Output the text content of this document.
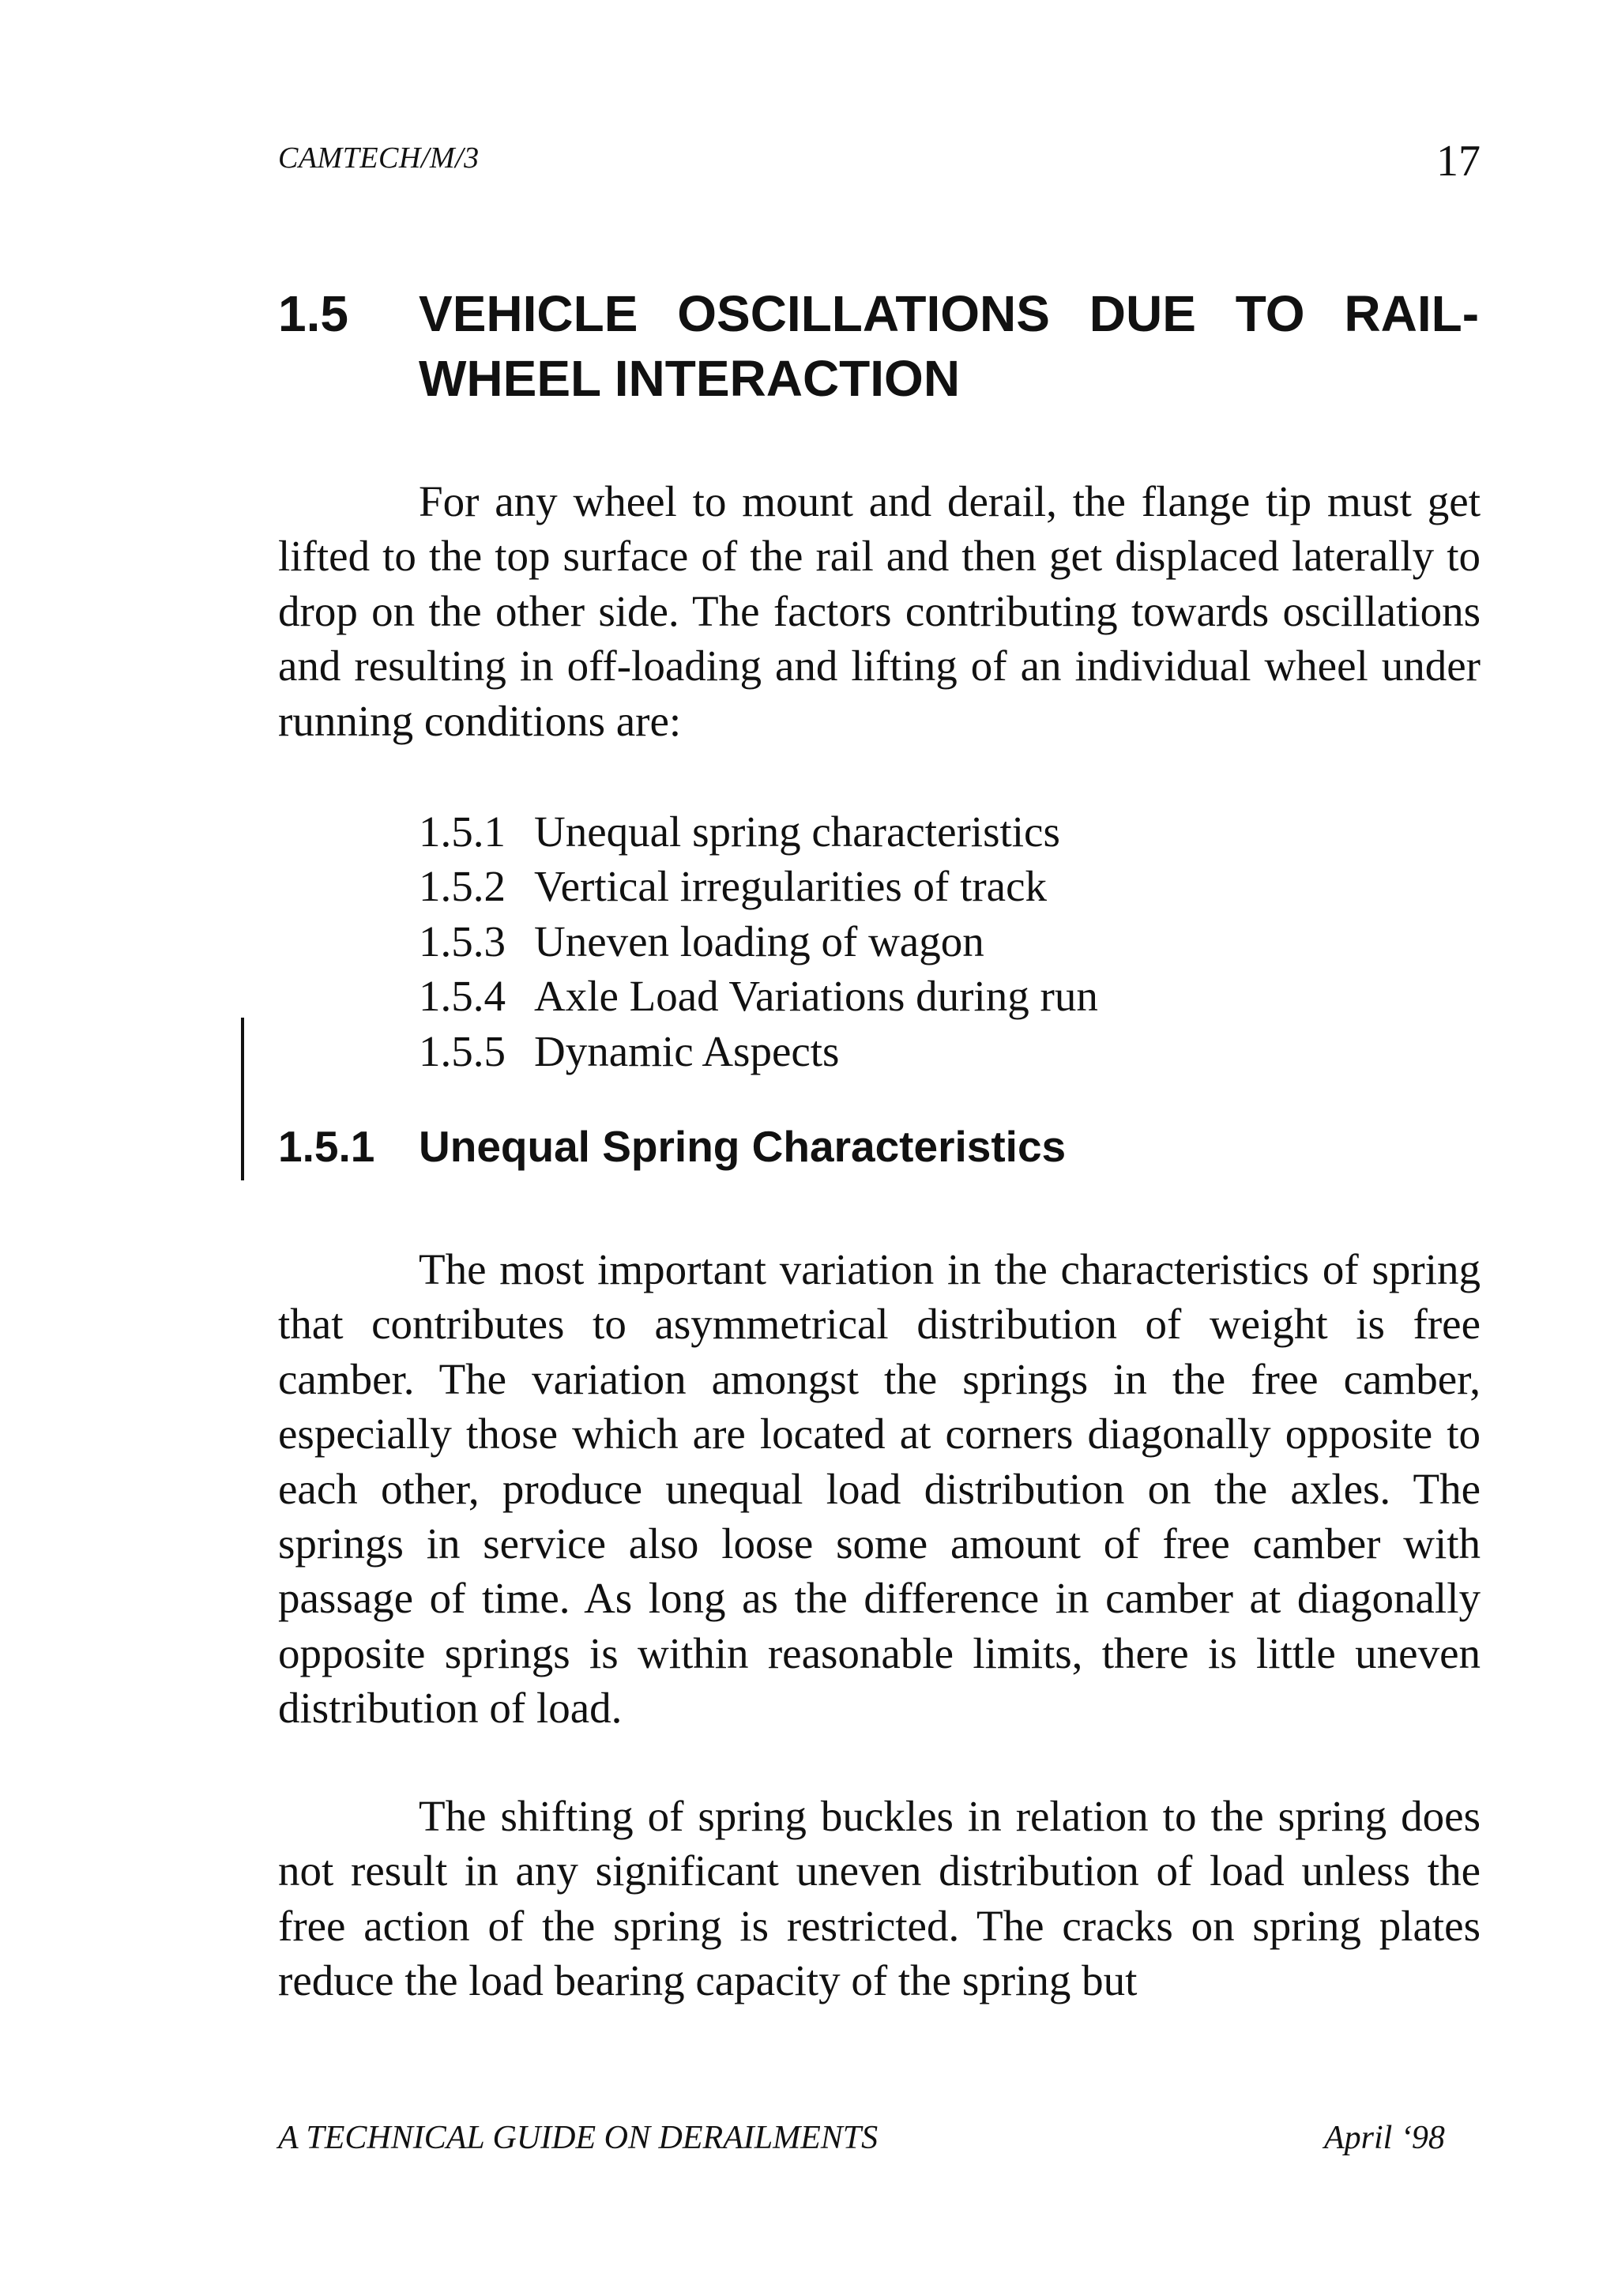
CAMTECH/M/3	17
1.5 VEHICLE OSCILLATIONS DUE TO RAIL-WHEEL INTERACTION

For any wheel to mount and derail, the flange tip must get lifted to the top surface of the rail and then get displaced laterally to drop on the other side. The factors contributing towards oscillations and resulting in off-loading and lifting of an individual wheel under running conditions are:

1.5.1 Unequal spring characteristics
1.5.2 Vertical irregularities of track
1.5.3 Uneven loading of wagon
1.5.4 Axle Load Variations during run
1.5.5 Dynamic Aspects
1.5.1 Unequal Spring Characteristics

The most important variation in the characteristics of spring that contributes to asymmetrical distribution of weight is free camber. The variation amongst the springs in the free camber, especially those which are located at corners diagonally opposite to each other, produce unequal load distribution on the axles. The springs in service also loose some amount of free camber with passage of time. As long as the difference in camber at diagonally opposite springs is within reasonable limits, there is little uneven distribution of load.

The shifting of spring buckles in relation to the spring does not result in any significant uneven distribution of load unless the free action of the spring is restricted. The cracks on spring plates reduce the load bearing capacity of the spring but

A TECHNICAL GUIDE ON DERAILMENTS	April ‘98
